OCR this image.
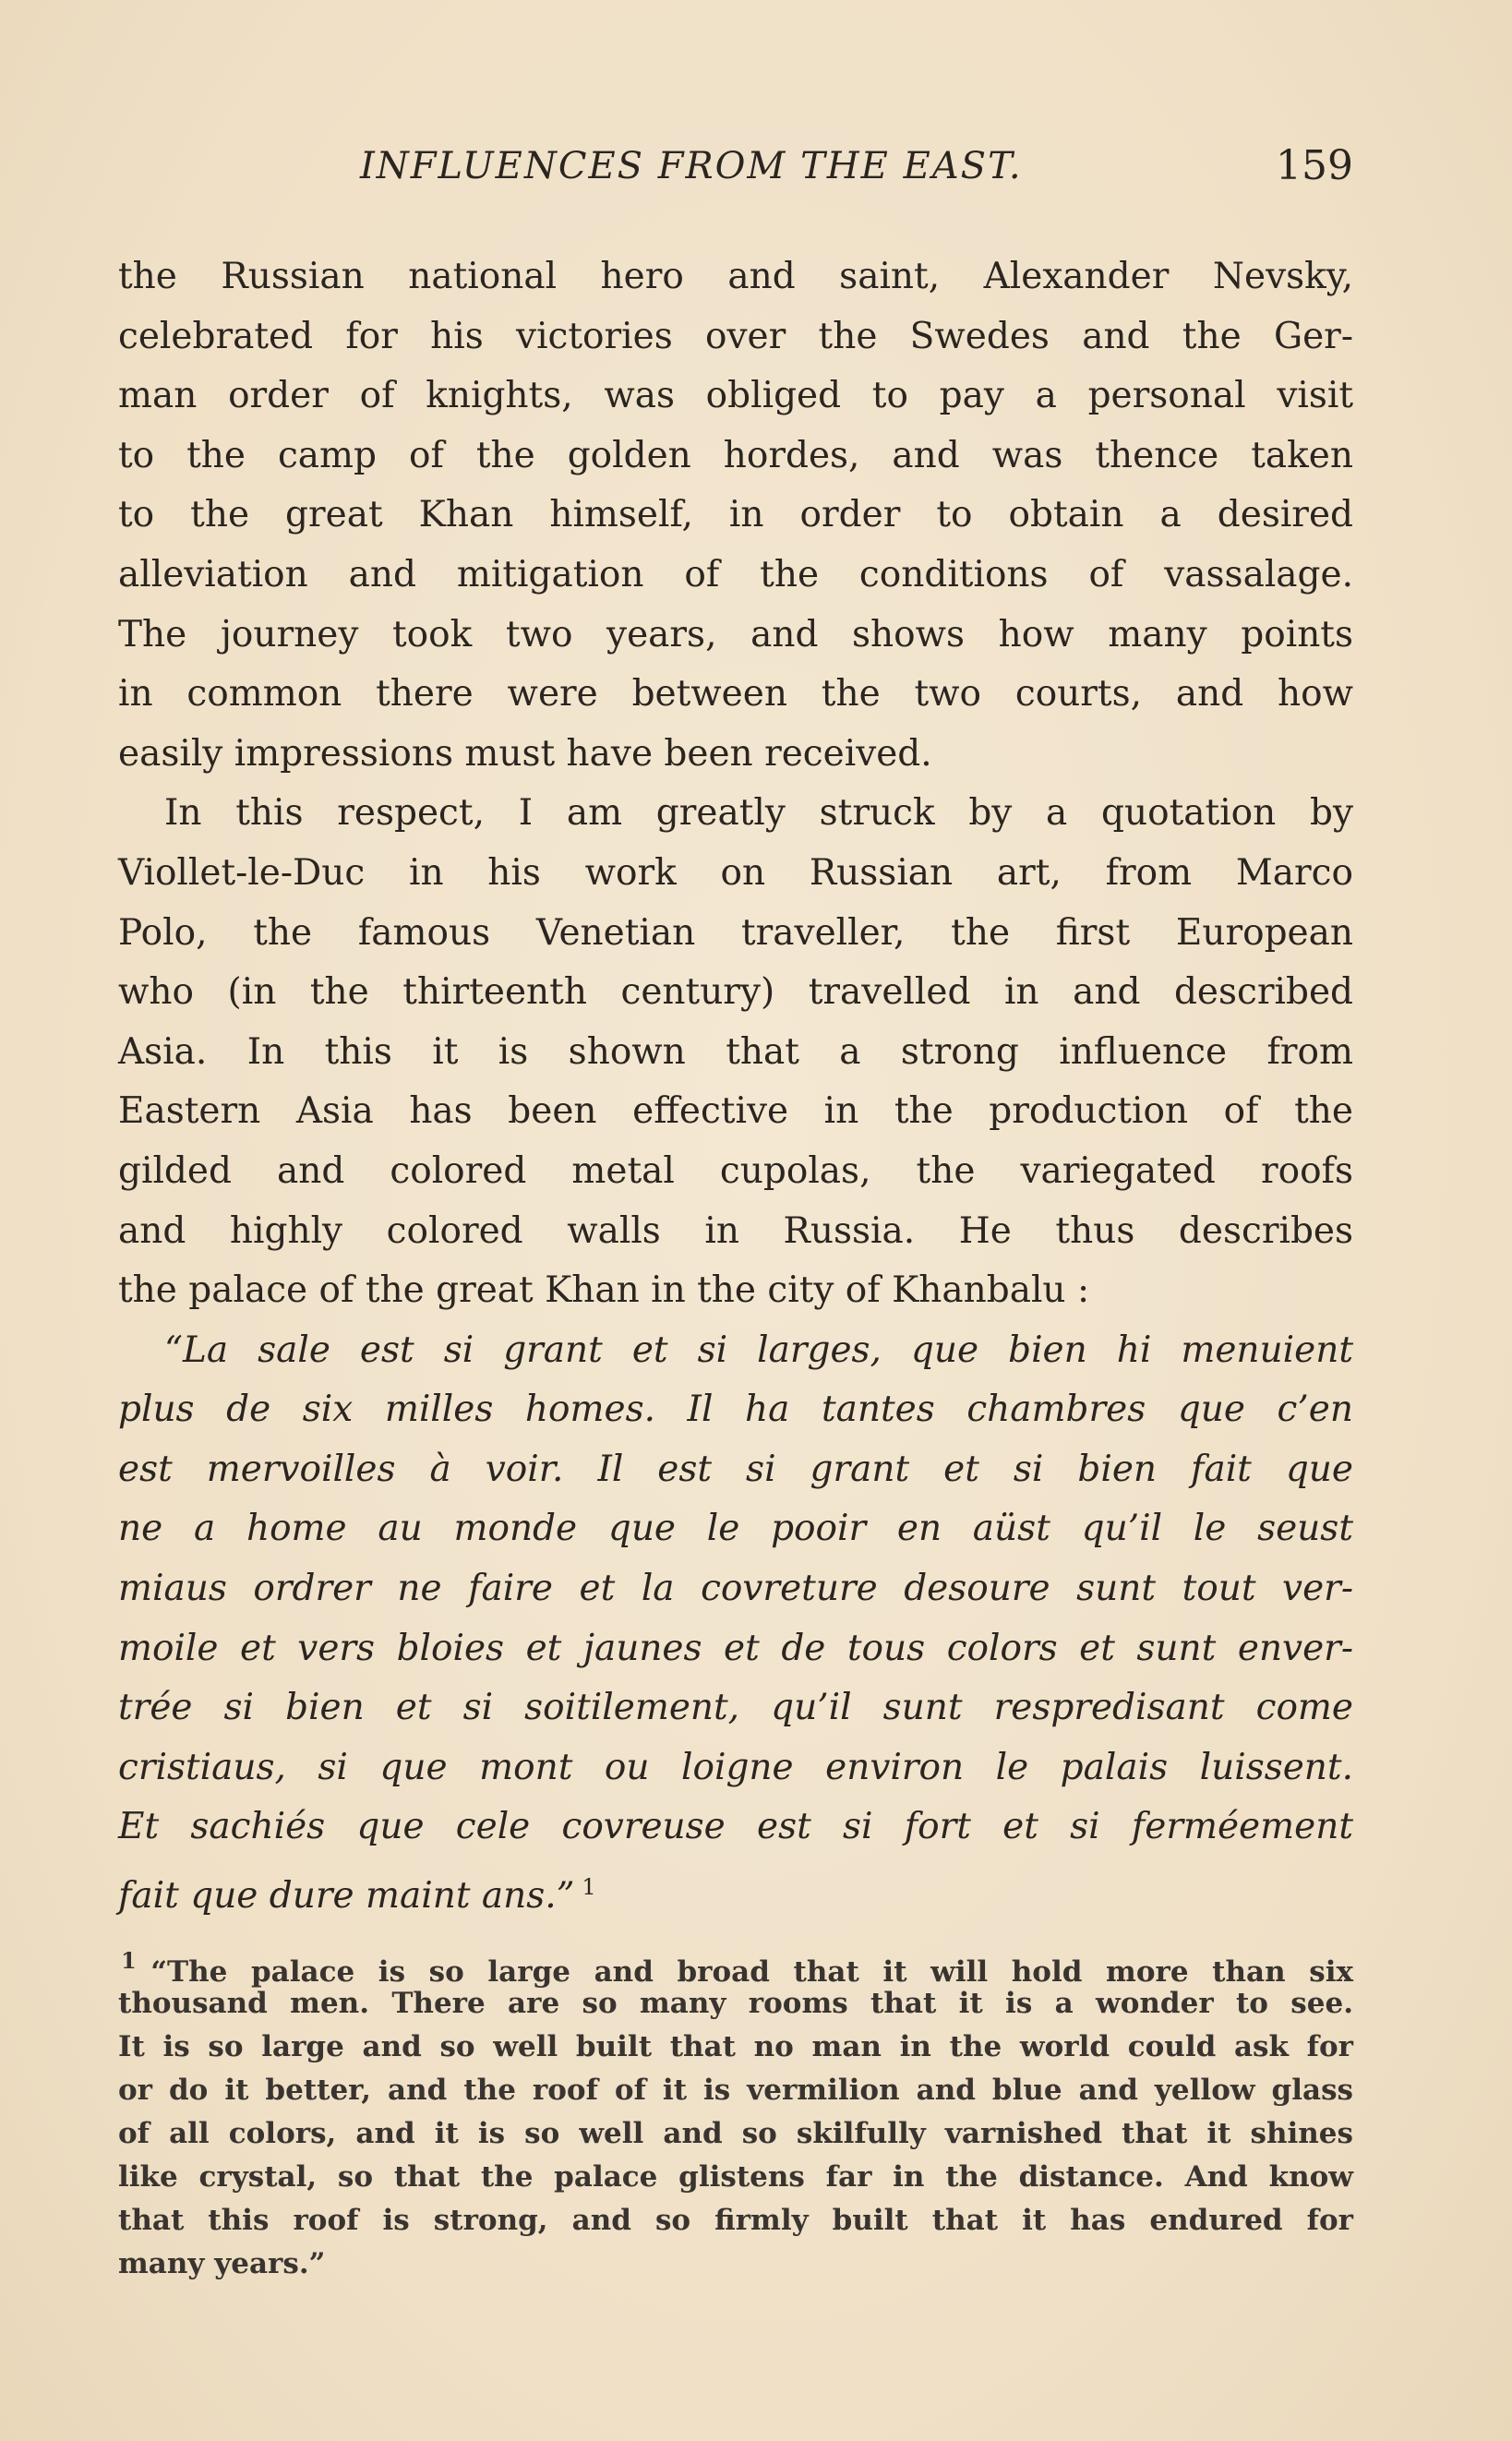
INFLUENCES FROM THE EAST.	159
the Russian national hero and saint, Alexander Nevsky,
celebrated for his victories over the Swedes and the Ger-
man order of knights, was obliged to pay a personal visit
to the camp of the golden hordes, and was thence taken
to the great Khan himself, in order to obtain a desired
alleviation and mitigation of the conditions of vassalage.
The journey took two years, and shows how many points
in common there were between the two courts, and how
easily impressions must have been received.
In this respect, I am greatly struck by a quotation by
Viollet-le-Duc in his work on Russian art, from Marco
Polo, the famous Venetian traveller, the first European
who (in the thirteenth century) travelled in and described
Asia. In this it is shown that a strong influence from
Eastern Asia has been effective in the production of the
gilded and colored metal cupolas, the variegated roofs
and highly colored walls in Russia. He thus describes
the palace of the great Khan in the city of Khanbalu :
“La sale est si grant et si larges, que bien hi menuient
plus de six milles homes. Il ha tantes chambres que c’en
est mervoilles à voir. Il est si grant et si bien fait que
ne a home au monde que le pooir en aüst qu’il le seust
miaus ordrer ne faire et la covreture desoure sunt tout ver-
moile et vers bloies et jaunes et de tous colors et sunt enver-
trée si bien et si soitilement, qu’il sunt respredisant come
cristiaus, si que mont ou loigne environ le palais luissent.
Et sachiés que cele covreuse est si fort et si ferméement
fait que dure maint ans.”  $^1$
$^1$  “The palace is so large and broad that it will hold more than six
thousand men. There are so many rooms that it is a wonder to see.
It is so large and so well built that no man in the world could ask for
or do it better, and the roof of it is vermilion and blue and yellow glass
of all colors, and it is so well and so skilfully varnished that it shines
like crystal, so that the palace glistens far in the distance. And know
that this roof is strong, and so firmly built that it has endured for
many years.”
